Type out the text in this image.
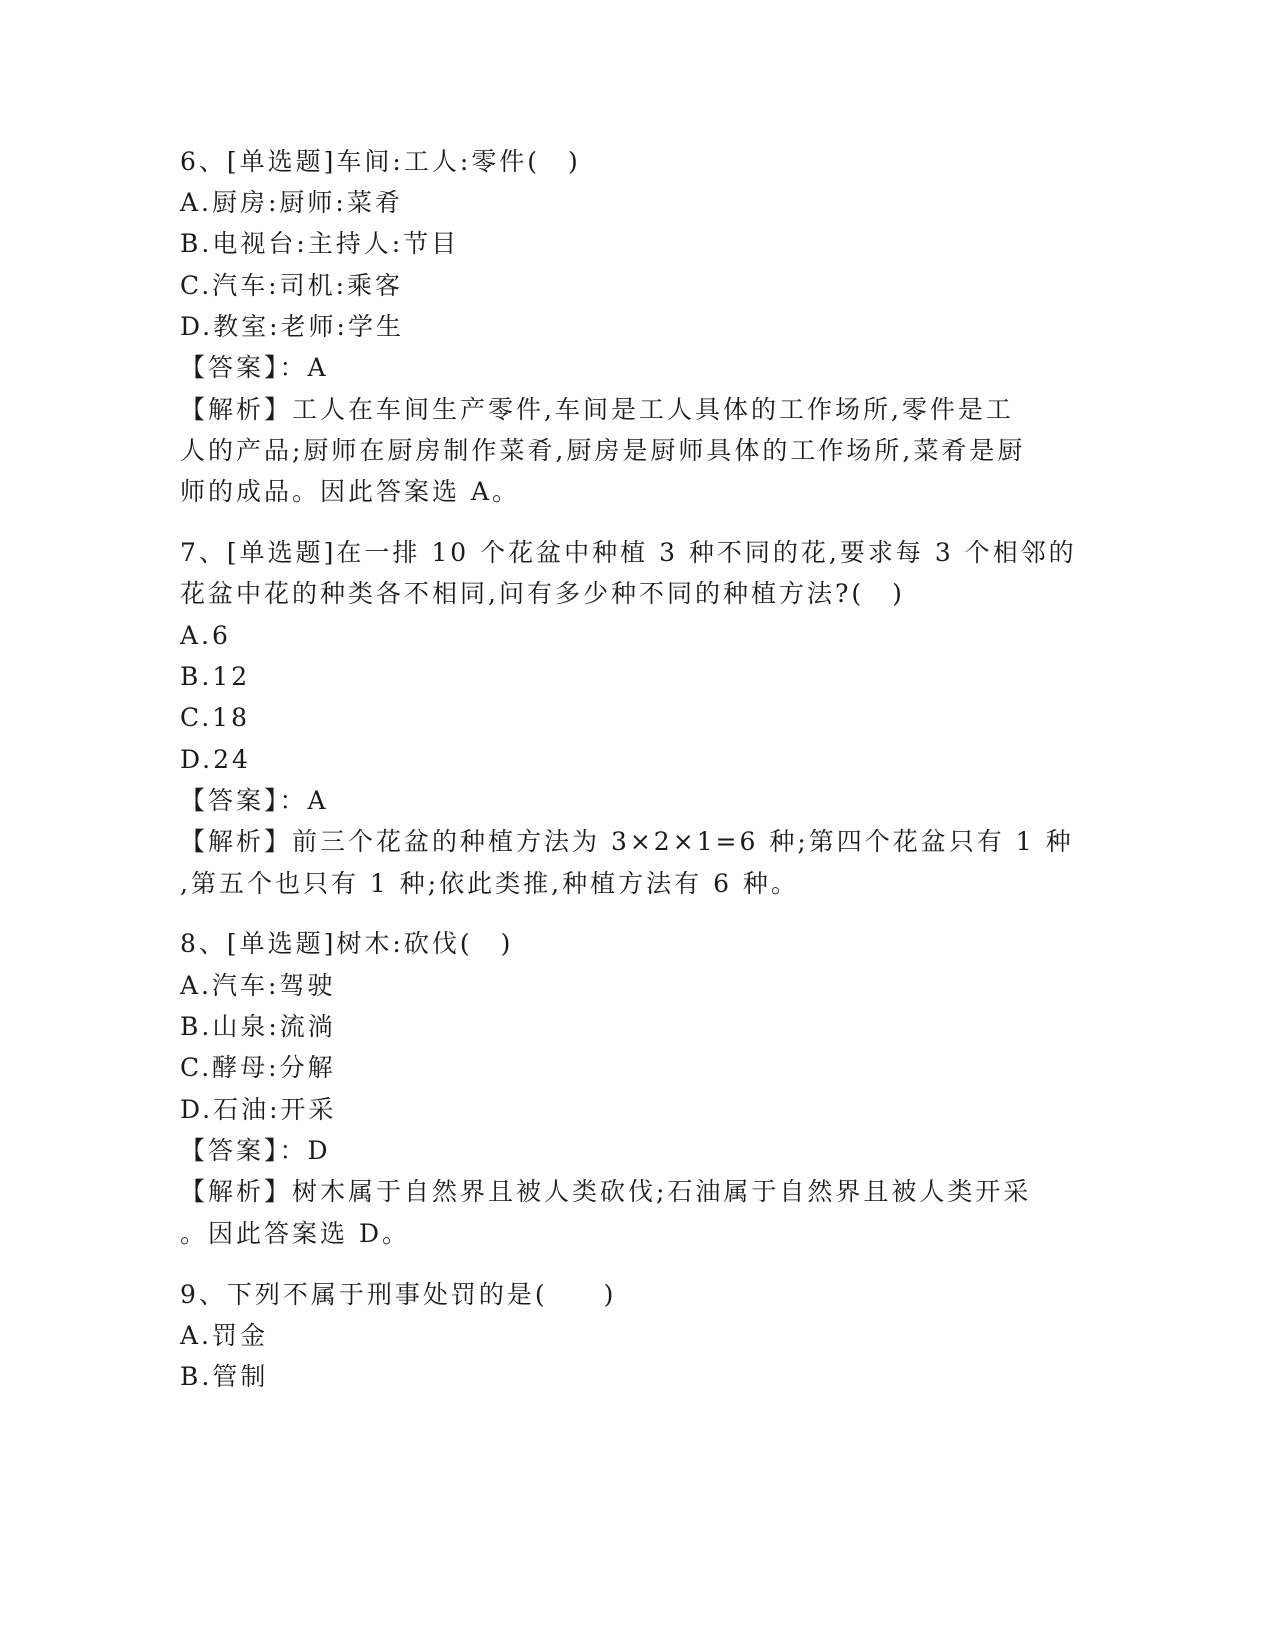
6、[单选题]车间:工人:零件(　)
A.厨房:厨师:菜肴
B.电视台:主持人:节目
C.汽车:司机:乘客
D.教室:老师:学生
【答案】：A
【解析】工人在车间生产零件,车间是工人具体的工作场所,零件是工
人的产品;厨师在厨房制作菜肴,厨房是厨师具体的工作场所,菜肴是厨
师的成品。因此答案选 A。
7、[单选题]在一排 10 个花盆中种植 3 种不同的花,要求每 3 个相邻的
花盆中花的种类各不相同,问有多少种不同的种植方法?(　)
A.6
B.12
C.18
D.24
【答案】：A
【解析】前三个花盆的种植方法为 3×2×1=6 种;第四个花盆只有 1 种
,第五个也只有 1 种;依此类推,种植方法有 6 种。
8、[单选题]树木:砍伐(　)
A.汽车:驾驶
B.山泉:流淌
C.酵母:分解
D.石油:开采
【答案】：D
【解析】树木属于自然界且被人类砍伐;石油属于自然界且被人类开采
。因此答案选 D。
9、下列不属于刑事处罚的是(　　)
A.罚金
B.管制
